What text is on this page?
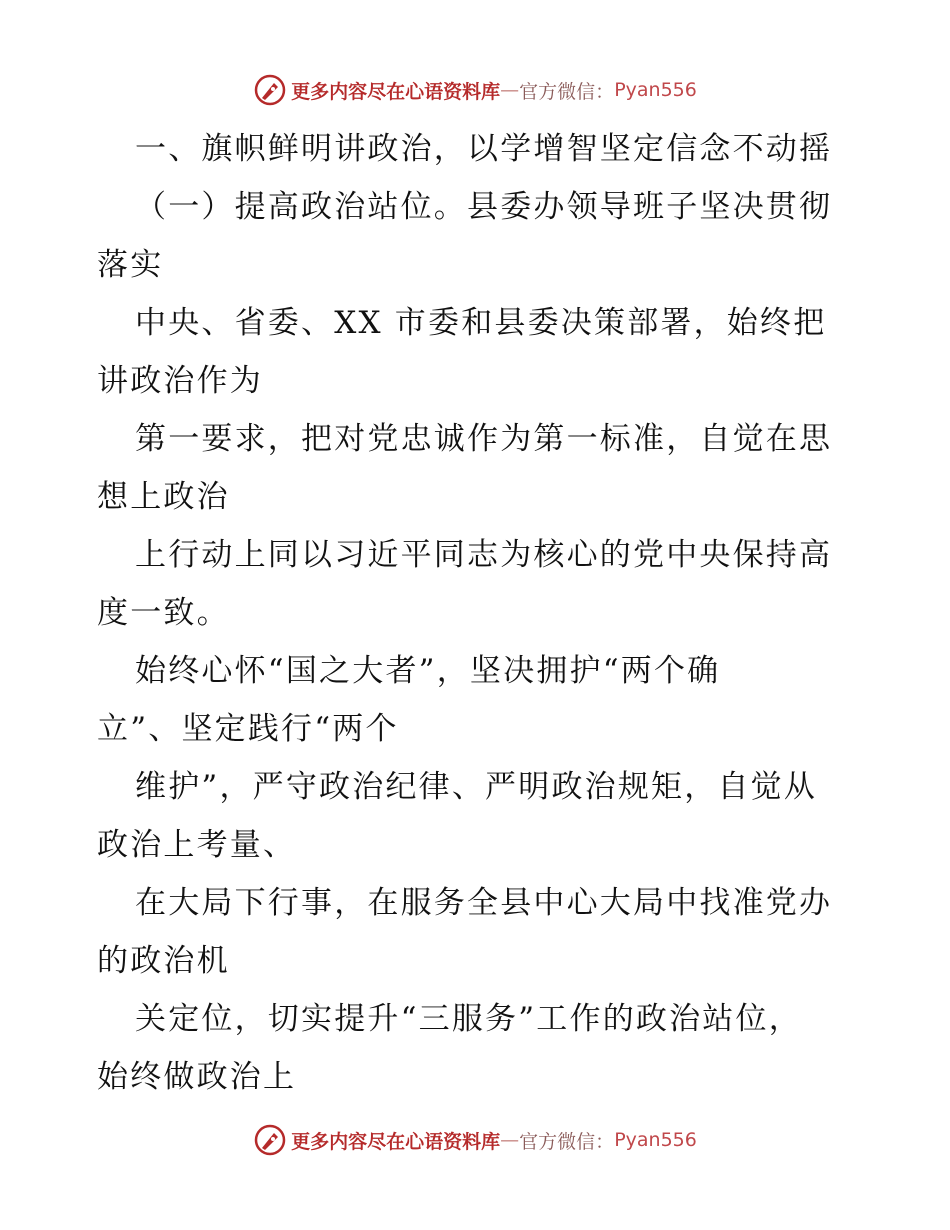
更多内容尽在心语资料库 — 官方微信： Pyan556
一、旗帜鲜明讲政治，以学增智坚定信念不动摇
（一）提高政治站位。县委办领导班子坚决贯彻
落实
中央、省委、XX 市委和县委决策部署，始终把
讲政治作为
第一要求，把对党忠诚作为第一标准，自觉在思
想上政治
上行动上同以习近平同志为核心的党中央保持高
度一致。
始终心怀“国之大者”，坚决拥护“两个确
立”、坚定践行“两个
维护”，严守政治纪律、严明政治规矩，自觉从
政治上考量、
在大局下行事，在服务全县中心大局中找准党办
的政治机
关定位，切实提升“三服务”工作的政治站位，
始终做政治上
更多内容尽在心语资料库 — 官方微信： Pyan556
